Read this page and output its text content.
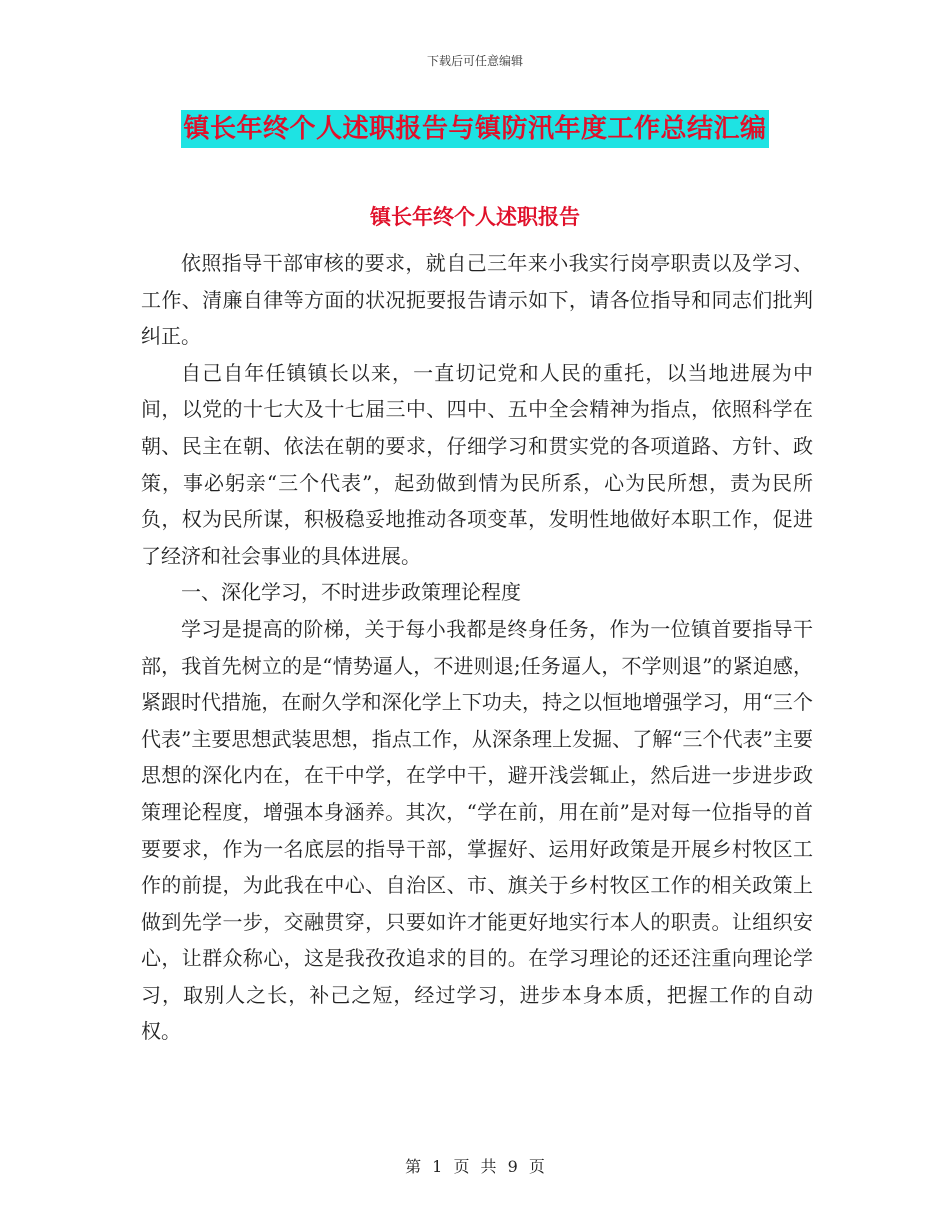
下载后可任意编辑
镇长年终个人述职报告与镇防汛年度工作总结汇编
镇长年终个人述职报告

依照指导干部审核的要求，就自己三年来小我实行岗亭职责以及学习、工作、清廉自律等方面的状况扼要报告请示如下，请各位指导和同志们批判纠正。

自己自年任镇镇长以来，一直切记党和人民的重托，以当地进展为中间，以党的十七大及十七届三中、四中、五中全会精神为指点，依照科学在朝、民主在朝、依法在朝的要求，仔细学习和贯实党的各项道路、方针、政策，事必躬亲“三个代表”，起劲做到情为民所系，心为民所想，责为民所负，权为民所谋，积极稳妥地推动各项变革，发明性地做好本职工作，促进了经济和社会事业的具体进展。

一、深化学习，不时进步政策理论程度

学习是提高的阶梯，关于每小我都是终身任务，作为一位镇首要指导干部，我首先树立的是“情势逼人，不进则退;任务逼人，不学则退”的紧迫感，紧跟时代措施，在耐久学和深化学上下功夫，持之以恒地增强学习，用“三个代表”主要思想武装思想，指点工作，从深条理上发掘、了解“三个代表”主要思想的深化内在，在干中学，在学中干，避开浅尝辄止，然后进一步进步政策理论程度，增强本身涵养。其次，“学在前，用在前”是对每一位指导的首要要求，作为一名底层的指导干部，掌握好、运用好政策是开展乡村牧区工作的前提，为此我在中心、自治区、市、旗关于乡村牧区工作的相关政策上做到先学一步，交融贯穿，只要如许才能更好地实行本人的职责。让组织安心，让群众称心，这是我孜孜追求的目的。在学习理论的还还注重向理论学习，取别人之长，补己之短，经过学习，进步本身本质，把握工作的自动权。

第 1 页 共 9 页
